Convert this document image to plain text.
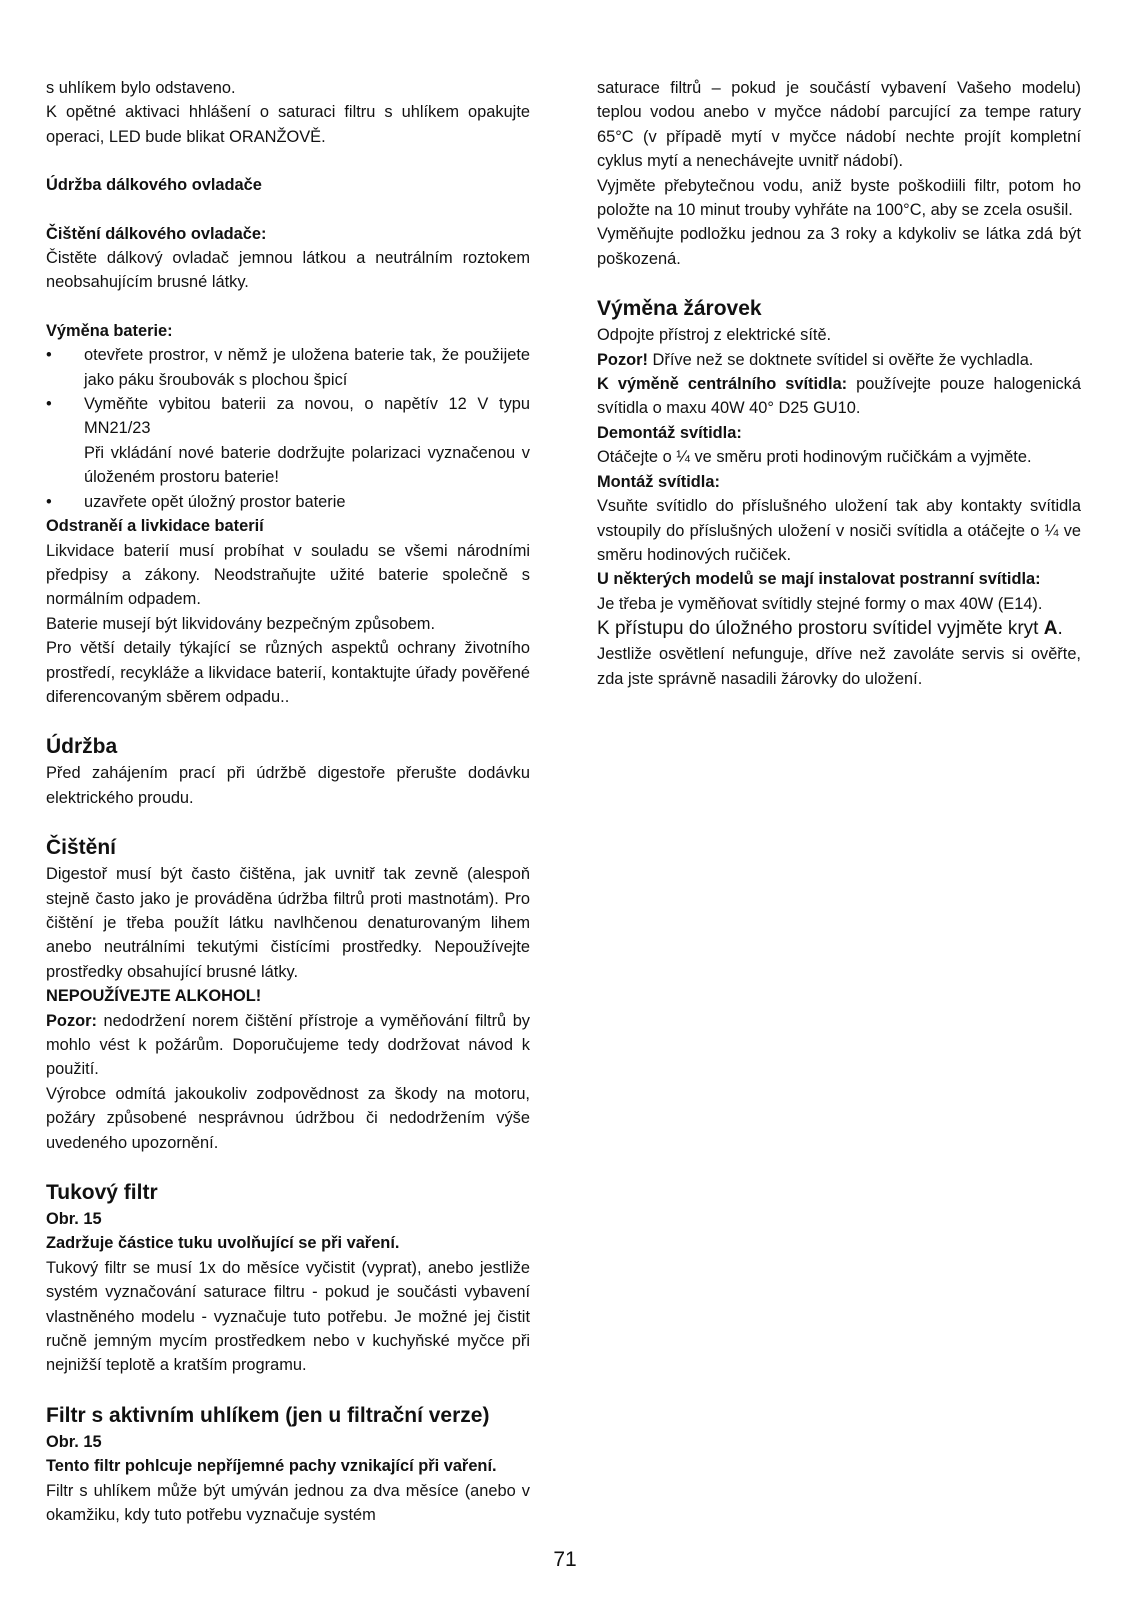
s uhlíkem bylo odstaveno.

K opětné aktivaci hhlášení o saturaci filtru s uhlíkem opakujte operaci, LED bude blikat ORANŽOVĚ.

Údržba dálkového ovladače

Čištění dálkového ovladače:

Čistěte dálkový ovladač jemnou látkou a neutrálním roztokem neobsahujícím brusné látky.

Výměna baterie:

• otevřete prostror, v němž je uložena baterie tak, že použijete jako páku šroubovák s plochou špicí
• Vyměňte vybitou baterii za novou, o napětív 12 V typu MN21/23
Při vkládání nové baterie dodržujte polarizaci vyznačenou v úloženém prostoru baterie!
• uzavřete opět úložný prostor baterie

Odstraněí a livkidace baterií

Likvidace baterií musí probíhat v souladu se všemi národními předpisy a zákony. Neodstraňujte užité baterie společně s normálním odpadem.

Baterie musejí být likvidovány bezpečným způsobem.

Pro větší detaily týkající se různých aspektů ochrany životního prostředí, recykláže a likvidace baterií, kontaktujte úřady pověřené diferencovaným sběrem odpadu..

Údržba

Před zahájením prací při údržbě digestoře přerušte dodávku elektrického proudu.

Čištění

Digestoř musí být často čištěna, jak uvnitř tak zevně (alespoň stejně často jako je prováděna údržba filtrů proti mastnotám). Pro čištění je třeba použít látku navlhčenou denaturovaným lihem anebo neutrálními tekutými čistícími prostředky. Nepoužívejte prostředky obsahující brusné látky.

NEPOUŽÍVEJTE ALKOHOL!

Pozor: nedodržení norem čištění přístroje a vyměňování filtrů by mohlo vést k požárům. Doporučujeme tedy dodržovat návod k použití.

Výrobce odmítá jakoukoliv zodpovědnost za škody na motoru, požáry způsobené nesprávnou údržbou či nedodržením výše uvedeného upozornění.

Tukový filtr

Obr. 15

Zadržuje částice tuku uvolňující se při vaření.

Tukový filtr se musí 1x do měsíce vyčistit (vyprat), anebo jestliže systém vyznačování saturace filtru - pokud je součásti vybavení vlastněného modelu - vyznačuje tuto potřebu. Je možné jej čistit ručně jemným mycím prostředkem nebo v kuchyňské myčce při nejnižší teplotě a kratším programu.

Filtr s aktivním uhlíkem (jen u filtrační verze)

Obr. 15

Tento filtr pohlcuje nepříjemné pachy vznikající při vaření.

Filtr s uhlíkem může být umýván jednou za dva měsíce (anebo v okamžiku, kdy tuto potřebu vyznačuje systém

saturace filtrů – pokud je součástí vybavení Vašeho modelu) teplou vodou anebo v myčce nádobí parcující za tempe ratury 65°C (v případě mytí v myčce nádobí nechte projít kompletní cyklus mytí a nenechávejte uvnitř nádobí).

Vyjměte přebytečnou vodu, aniž byste poškodiili filtr, potom ho položte na 10 minut trouby vyhřáte na 100°C, aby se zcela osušil.

Vyměňujte podložku jednou za 3 roky a kdykoliv se látka zdá být poškozená.

Výměna žárovek

Odpojte přístroj z elektrické sítě.

Pozor! Dříve než se doktnete svítidel si ověřte že vychladla.

K výměně centrálního svítidla: používejte pouze halogenická svítidla o maxu 40W 40° D25 GU10.

Demontáž svítidla:

Otáčejte o ¼ ve směru proti hodinovým ručičkám a vyjměte.

Montáž svítidla:

Vsuňte svítidlo do příslušného uložení tak aby kontakty svítidla vstoupily do příslušných uložení v nosiči svítidla a otáčejte o ¼ ve směru hodinových ručiček.

U některých modelů se mají instalovat postranní svítidla:

Je třeba je vyměňovat svítidly stejné formy o max 40W (E14).

K přístupu do úložného prostoru svítidel vyjměte kryt A.

Jestliže osvětlení nefunguje, dříve než zavoláte servis si ověřte, zda jste správně nasadili žárovky do uložení.

71
